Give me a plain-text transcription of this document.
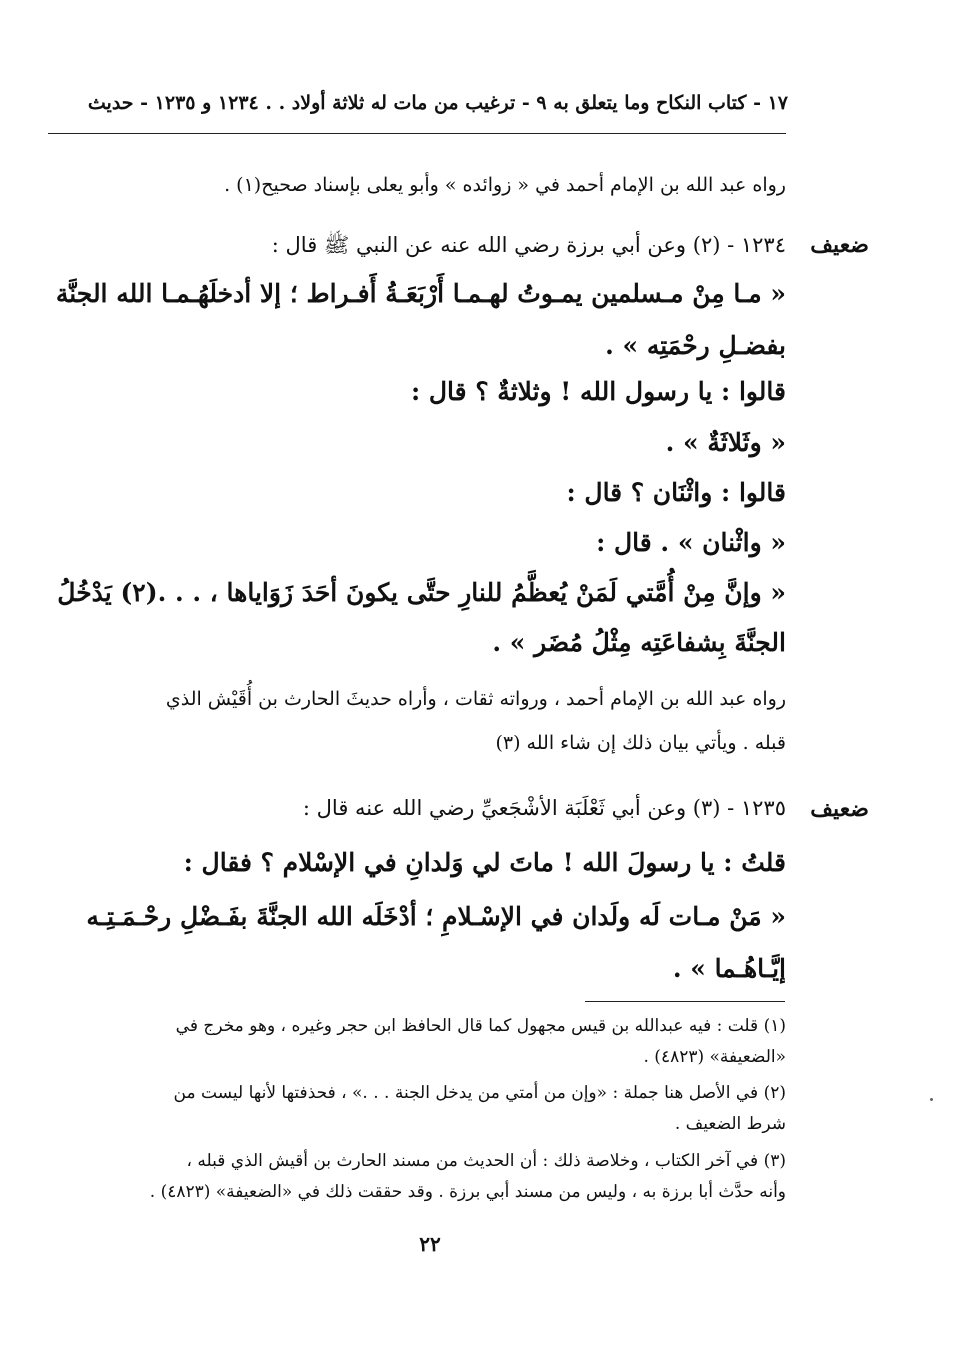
١٧ - كتاب النكاح وما يتعلق به ٩ - ترغيب من مات له ثلاثة أولاد . . ١٢٣٤ و ١٢٣٥ - حديث
رواه عبد الله بن الإمام أحمد في « زوائده » وأبو يعلى بإسناد صحيح(١) .
ضعيف
١٢٣٤ - (٢) وعن أبي برزة رضي الله عنه عن النبي ﷺ قال :
« مـا مِنْ مـسلمين يمـوتُ لهـمـا أَرْبَعَـةُ أَفـراط ؛ إلا أدخلَهُـمـا الله الجنَّة
بفضـلِ رحْمَتِه » .
قالوا : يا رسول الله ! وثلاثةٌ ؟ قال :
« وثَلاثَةٌ » .
قالوا : واثْنَان ؟ قال :
« واثْنان » . قال :
« وإنَّ مِنْ أُمَّتي لَمَنْ يُعظَّمُ للنارِ حتَّى يكونَ أحَدَ زَوَاياها ، . . .(٢) يَدْخُلُ
الجنَّةَ بِشفاعَتِه مِثْلُ مُضَر » .
رواه عبد الله بن الإمام أحمد ، ورواته ثقات ، وأراه حديثَ الحارث بن أُقَيْش الذي
قبله . ويأتي بيان ذلك إن شاء الله (٣)
ضعيف
١٢٣٥ - (٣) وعن أبي ثَعْلَبَة الأشْجَعيِّ رضي الله عنه قال :
قلتُ : يا رسولَ الله ! ماتَ لي وَلدانِ في الإسْلام ؟ فقال :
« مَنْ مـات لَه ولَدان في الإسْـلامِ ؛ أدْخَلَه الله الجنَّةَ بفَـضْلِ رحْـمَـتِـه
إيَّـاهُـما » .
(١) قلت : فيه عبدالله بن قيس مجهول كما قال الحافظ ابن حجر وغيره ، وهو مخرج في
«الضعيفة» (٤٨٢٣) .
(٢) في الأصل هنا جملة : «وإن من أمتي من يدخل الجنة . . .» ، فحذفتها لأنها ليست من
شرط الضعيف .
(٣) في آخر الكتاب ، وخلاصة ذلك : أن الحديث من مسند الحارث بن أقيش الذي قبله ،
وأنه حدَّث أبا برزة به ، وليس من مسند أبي برزة . وقد حققت ذلك في «الضعيفة» (٤٨٢٣) .
٢٢
